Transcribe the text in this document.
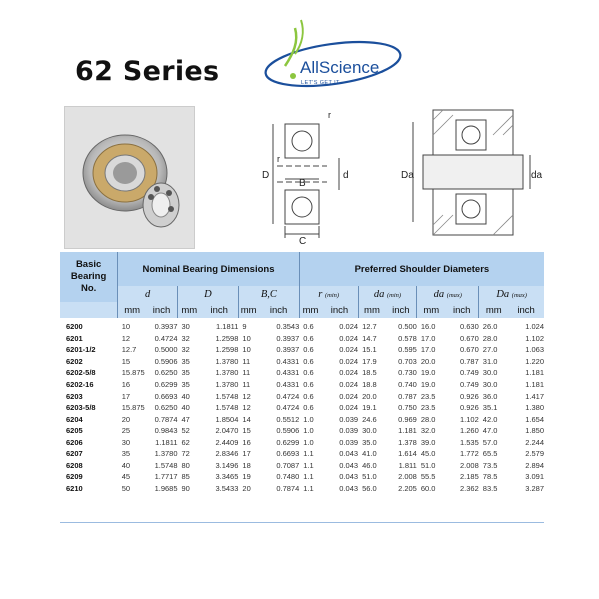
62 Series	AllScience
LET'S GET IT
r
D
B
d
C
r
Da	da
Basic
Bearing
No.	Nominal Bearing Dimensions						Preferred Shoulder Diameters							
	d		D		B,C		r (min)		da (min)		da (max)		Da (max)	
	mm	inch	mm	inch	mm	inch	mm	inch	mm	inch	mm	inch	mm	inch
6200	10	0.3937	30	1.1811	9	0.3543	0.6	0.024	12.7	0.500	16.0	0.630	26.0	1.024
6201	12	0.4724	32	1.2598	10	0.3937	0.6	0.024	14.7	0.578	17.0	0.670	28.0	1.102
6201-1/2	12.7	0.5000	32	1.2598	10	0.3937	0.6	0.024	15.1	0.595	17.0	0.670	27.0	1.063
6202	15	0.5906	35	1.3780	11	0.4331	0.6	0.024	17.9	0.703	20.0	0.787	31.0	1.220
6202-5/8	15.875	0.6250	35	1.3780	11	0.4331	0.6	0.024	18.5	0.730	19.0	0.749	30.0	1.181
6202-16	16	0.6299	35	1.3780	11	0.4331	0.6	0.024	18.8	0.740	19.0	0.749	30.0	1.181
6203	17	0.6693	40	1.5748	12	0.4724	0.6	0.024	20.0	0.787	23.5	0.926	36.0	1.417
6203-5/8	15.875	0.6250	40	1.5748	12	0.4724	0.6	0.024	19.1	0.750	23.5	0.926	35.1	1.380
6204	20	0.7874	47	1.8504	14	0.5512	1.0	0.039	24.6	0.969	28.0	1.102	42.0	1.654
6205	25	0.9843	52	2.0470	15	0.5906	1.0	0.039	30.0	1.181	32.0	1.260	47.0	1.850
6206	30	1.1811	62	2.4409	16	0.6299	1.0	0.039	35.0	1.378	39.0	1.535	57.0	2.244
6207	35	1.3780	72	2.8346	17	0.6693	1.1	0.043	41.0	1.614	45.0	1.772	65.5	2.579
6208	40	1.5748	80	3.1496	18	0.7087	1.1	0.043	46.0	1.811	51.0	2.008	73.5	2.894
6209	45	1.7717	85	3.3465	19	0.7480	1.1	0.043	51.0	2.008	55.5	2.185	78.5	3.091
6210	50	1.9685	90	3.5433	20	0.7874	1.1	0.043	56.0	2.205	60.0	2.362	83.5	3.287
